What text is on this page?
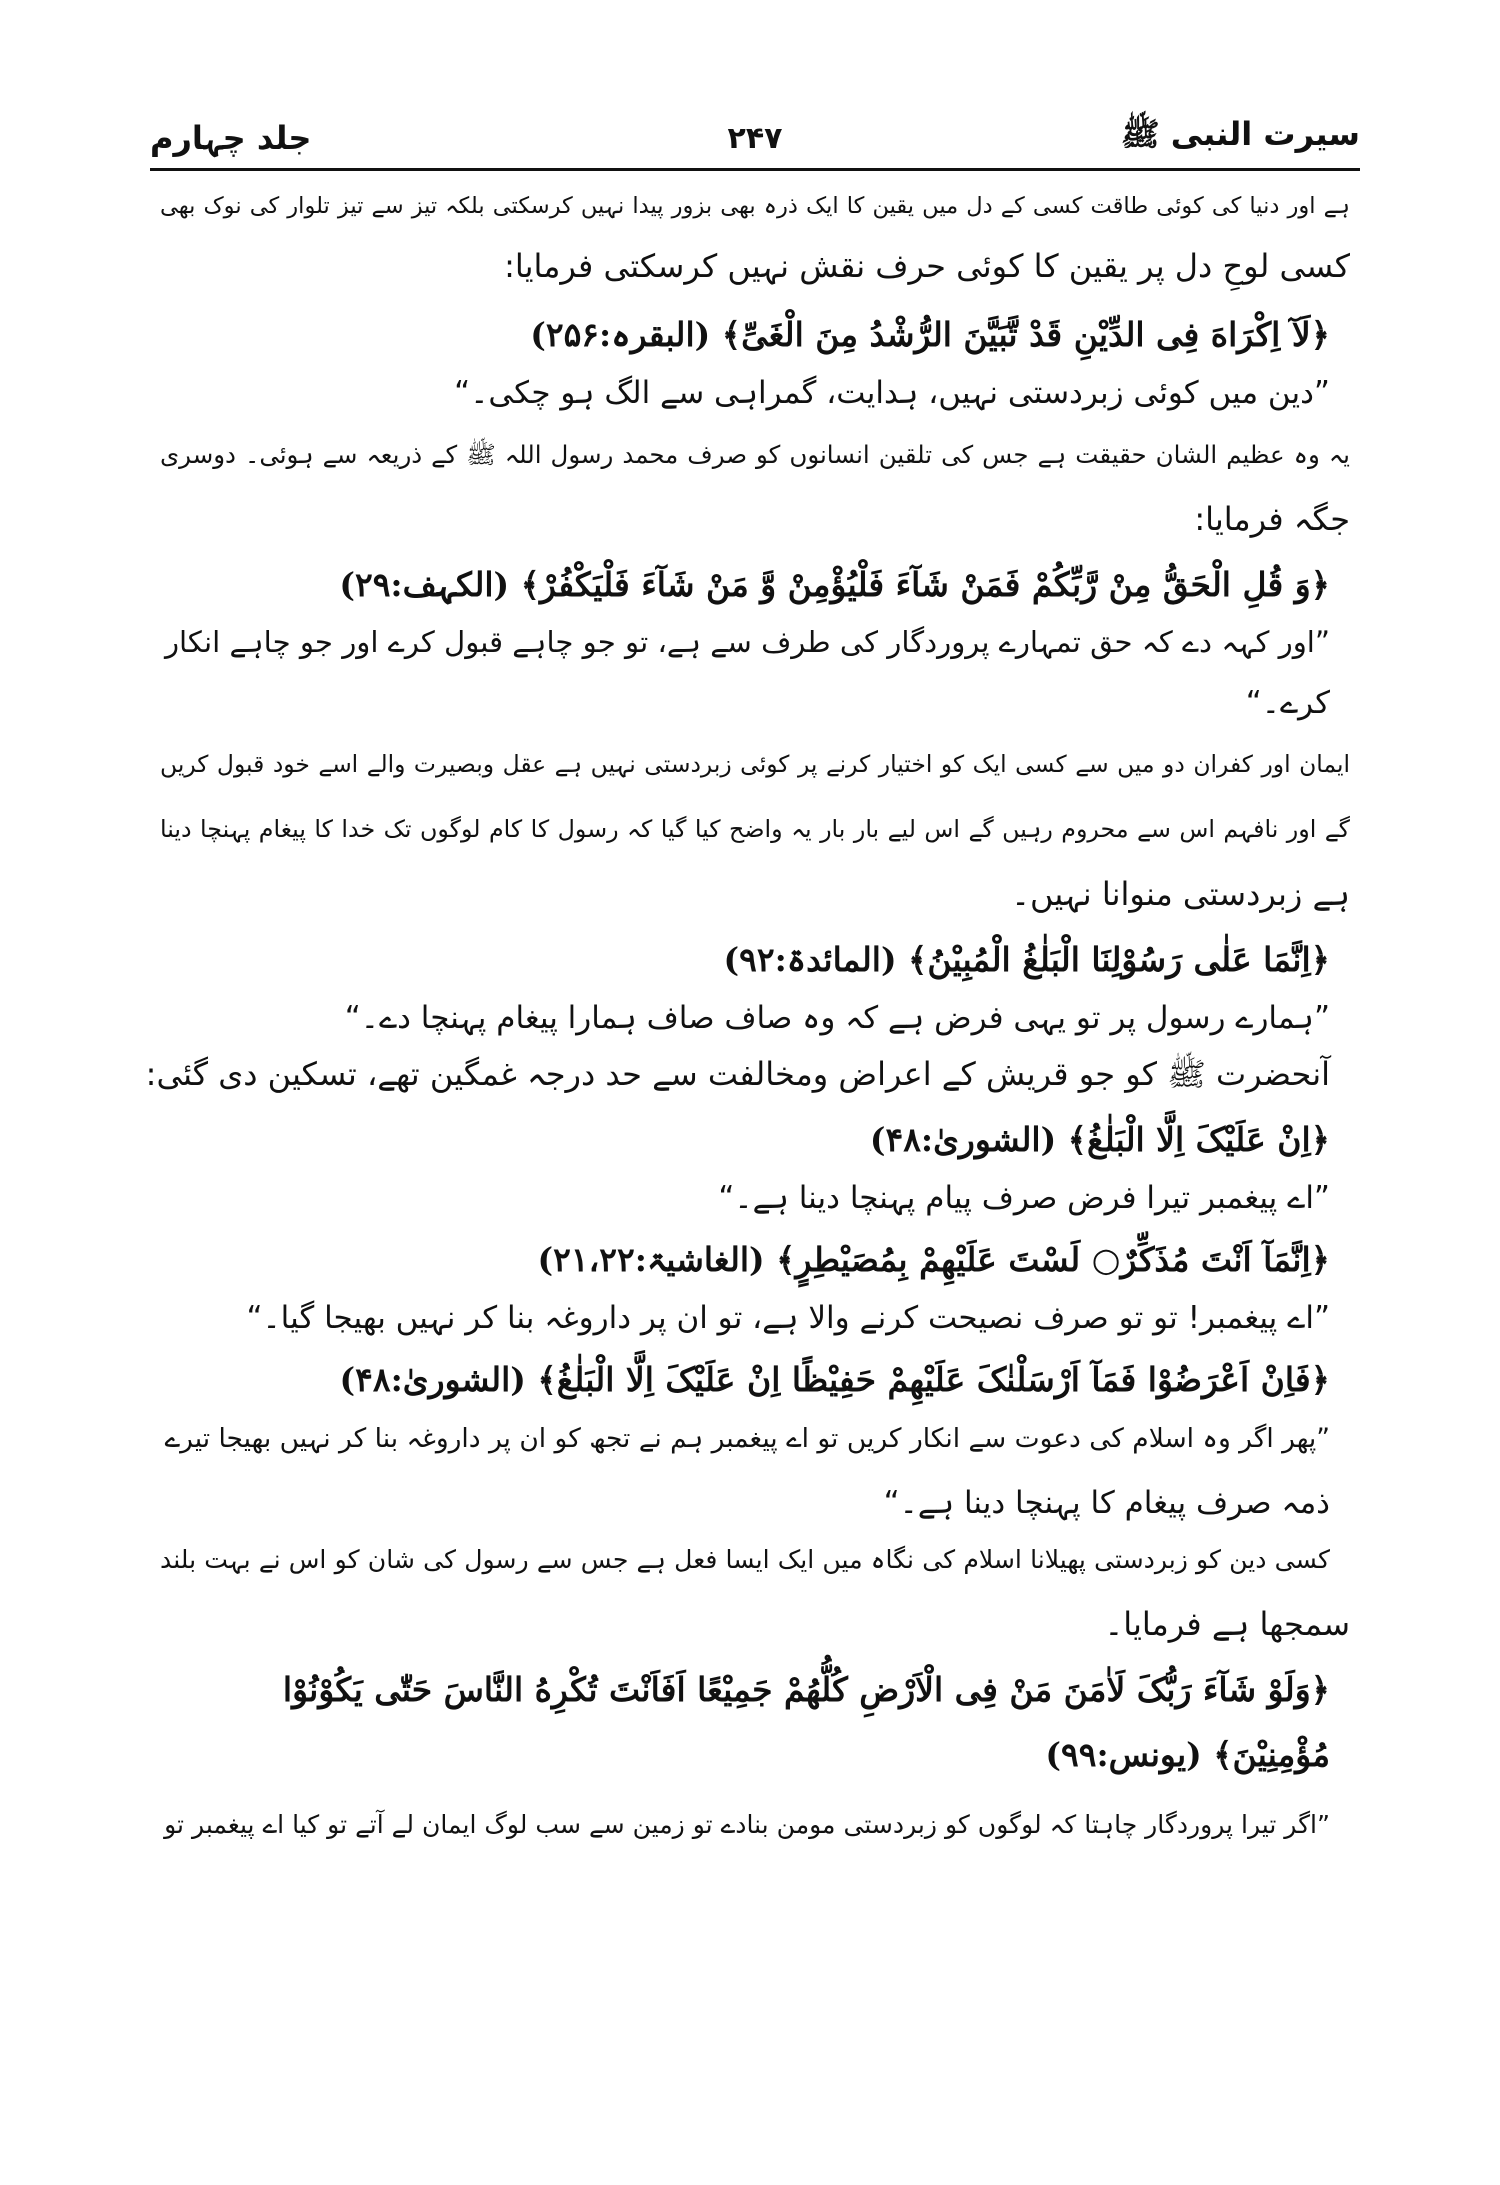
سیرت النبی ﷺ
۲۴۷
جلد چہارم
ہے اور دنیا کی کوئی طاقت کسی کے دل میں یقین کا ایک ذرہ بھی بزور پیدا نہیں کرسکتی بلکہ تیز سے تیز تلوار کی نوک بھی
کسی لوحِ دل پر یقین کا کوئی حرف نقش نہیں کرسکتی فرمایا:
﴿لَآ اِکْرَاهَ فِی الدِّیْنِ قَدْ تَّبَیَّنَ الرُّشْدُ مِنَ الْغَیِّ﴾ (البقرہ:۲۵۶)
”دین میں کوئی زبردستی نہیں، ہدایت، گمراہی سے الگ ہو چکی۔“
یہ وہ عظیم الشان حقیقت ہے جس کی تلقین انسانوں کو صرف محمد رسول اللہ ﷺ کے ذریعہ سے ہوئی۔ دوسری
جگہ فرمایا:
﴿وَ قُلِ الْحَقُّ مِنْ رَّبِّکُمْ فَمَنْ شَآءَ فَلْیُؤْمِنْ وَّ مَنْ شَآءَ فَلْیَکْفُرْ﴾ (الکہف:۲۹)
”اور کہہ دے کہ حق تمہارے پروردگار کی طرف سے ہے، تو جو چاہے قبول کرے اور جو چاہے انکار
کرے۔“
ایمان اور کفران دو میں سے کسی ایک کو اختیار کرنے پر کوئی زبردستی نہیں ہے عقل وبصیرت والے اسے خود قبول کریں
گے اور نافہم اس سے محروم رہیں گے اس لیے بار بار یہ واضح کیا گیا کہ رسول کا کام لوگوں تک خدا کا پیغام پہنچا دینا
ہے زبردستی منوانا نہیں۔
﴿اِنَّمَا عَلٰی رَسُوْلِنَا الْبَلٰغُ الْمُبِیْنُ﴾ (المائدۃ:۹۲)
”ہمارے رسول پر تو یہی فرض ہے کہ وہ صاف صاف ہمارا پیغام پہنچا دے۔“
آنحضرت ﷺ کو جو قریش کے اعراض ومخالفت سے حد درجہ غمگین تھے، تسکین دی گئی:
﴿اِنْ عَلَیْکَ اِلَّا الْبَلٰغُ﴾ (الشوریٰ:۴۸)
”اے پیغمبر تیرا فرض صرف پیام پہنچا دینا ہے۔“
﴿اِنَّمَآ اَنْتَ مُذَکِّرٌ○ لَسْتَ عَلَیْهِمْ بِمُصَیْطِرٍ﴾ (الغاشیۃ:۲۱،۲۲)
”اے پیغمبر! تو تو صرف نصیحت کرنے والا ہے، تو ان پر داروغہ بنا کر نہیں بھیجا گیا۔“
﴿فَاِنْ اَعْرَضُوْا فَمَآ اَرْسَلْنٰکَ عَلَیْهِمْ حَفِیْظًا اِنْ عَلَیْکَ اِلَّا الْبَلٰغُ﴾ (الشوریٰ:۴۸)
”پھر اگر وہ اسلام کی دعوت سے انکار کریں تو اے پیغمبر ہم نے تجھ کو ان پر داروغہ بنا کر نہیں بھیجا تیرے
ذمہ صرف پیغام کا پہنچا دینا ہے۔“
کسی دین کو زبردستی پھیلانا اسلام کی نگاہ میں ایک ایسا فعل ہے جس سے رسول کی شان کو اس نے بہت بلند
سمجھا ہے فرمایا۔
﴿وَلَوْ شَآءَ رَبُّکَ لَاٰمَنَ مَنْ فِی الْاَرْضِ کُلُّهُمْ جَمِیْعًا اَفَاَنْتَ تُکْرِهُ النَّاسَ حَتّٰی یَکُوْنُوْا
مُؤْمِنِیْنَ﴾ (یونس:۹۹)
”اگر تیرا پروردگار چاہتا کہ لوگوں کو زبردستی مومن بنادے تو زمین سے سب لوگ ایمان لے آتے تو کیا اے پیغمبر تو
